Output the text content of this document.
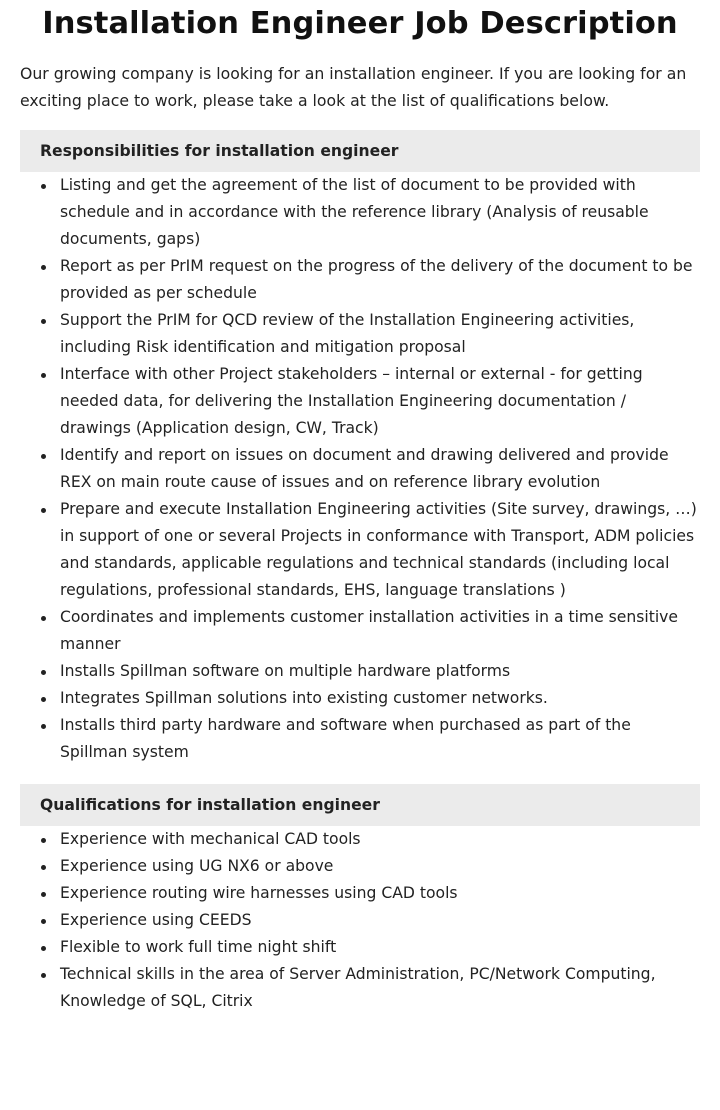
Installation Engineer Job Description

Our growing company is looking for an installation engineer. If you are looking for an exciting place to work, please take a look at the list of qualifications below.

Responsibilities for installation engineer
Listing and get the agreement of the list of document to be provided with schedule and in accordance with the reference library (Analysis of reusable documents, gaps)
Report as per PrIM request on the progress of the delivery of the document to be provided as per schedule
Support the PrIM for QCD review of the Installation Engineering activities, including Risk identification and mitigation proposal
Interface with other Project stakeholders – internal or external - for getting needed data, for delivering the Installation Engineering documentation / drawings (Application design, CW, Track)
Identify and report on issues on document and drawing delivered and provide REX on main route cause of issues and on reference library evolution
Prepare and execute Installation Engineering activities (Site survey, drawings, …) in support of one or several Projects in conformance with Transport, ADM policies and standards, applicable regulations and technical standards (including local regulations, professional standards, EHS, language translations )
Coordinates and implements customer installation activities in a time sensitive manner
Installs Spillman software on multiple hardware platforms
Integrates Spillman solutions into existing customer networks.
Installs third party hardware and software when purchased as part of the Spillman system
Qualifications for installation engineer
Experience with mechanical CAD tools
Experience using UG NX6 or above
Experience routing wire harnesses using CAD tools
Experience using CEEDS
Flexible to work full time night shift
Technical skills in the area of Server Administration, PC/Network Computing, Knowledge of SQL, Citrix
